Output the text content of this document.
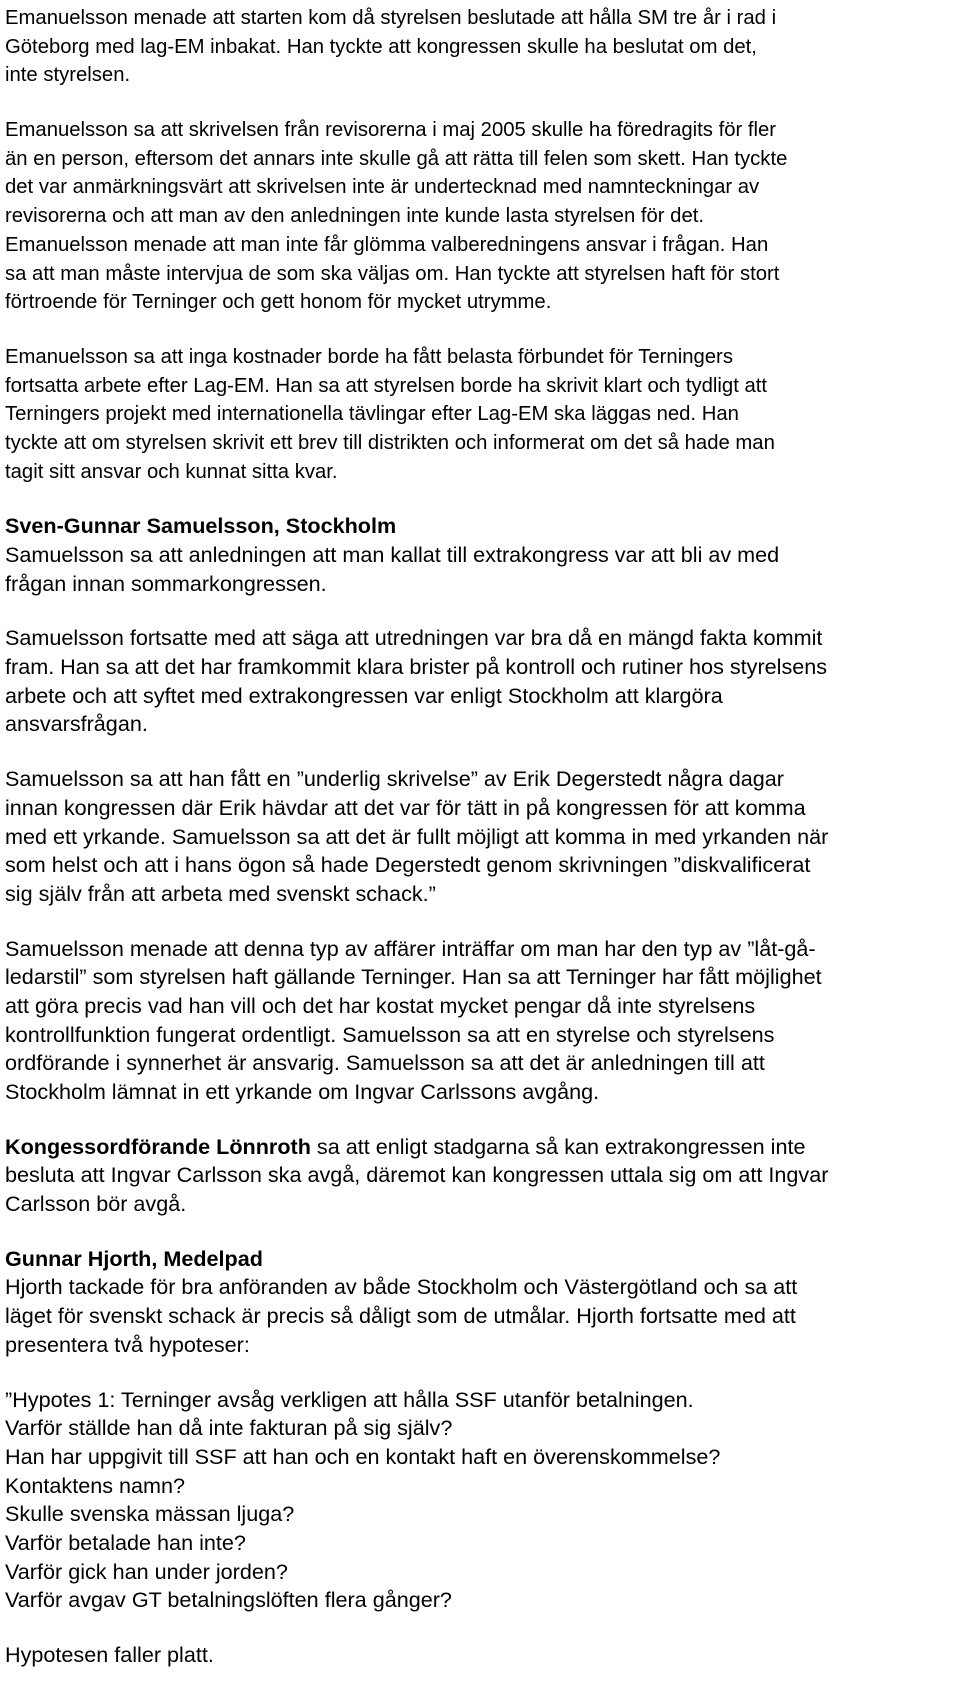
Emanuelsson menade att starten kom då styrelsen beslutade att hålla SM tre år i rad i
Göteborg med lag-EM inbakat. Han tyckte att kongressen skulle ha beslutat om det,
inte styrelsen.
Emanuelsson sa att skrivelsen från revisorerna i maj 2005 skulle ha föredragits för fler
än en person, eftersom det annars inte skulle gå att rätta till felen som skett. Han tyckte
det var anmärkningsvärt att skrivelsen inte är undertecknad med namnteckningar av
revisorerna och att man av den anledningen inte kunde lasta styrelsen för det.
Emanuelsson menade att man inte får glömma valberedningens ansvar i frågan. Han
sa att man måste intervjua de som ska väljas om. Han tyckte att styrelsen haft för stort
förtroende för Terninger och gett honom för mycket utrymme.
Emanuelsson sa att inga kostnader borde ha fått belasta förbundet för Terningers
fortsatta arbete efter Lag-EM. Han sa att styrelsen borde ha skrivit klart och tydligt att
Terningers projekt med internationella tävlingar efter Lag-EM ska läggas ned. Han
tyckte att om styrelsen skrivit ett brev till distrikten och informerat om det så hade man
tagit sitt ansvar och kunnat sitta kvar.
Sven-Gunnar Samuelsson, Stockholm
Samuelsson sa att anledningen att man kallat till extrakongress var att bli av med
frågan innan sommarkongressen.
Samuelsson fortsatte med att säga att utredningen var bra då en mängd fakta kommit
fram. Han sa att det har framkommit klara brister på kontroll och rutiner hos styrelsens
arbete och att syftet med extrakongressen var enligt Stockholm att klargöra
ansvarsfrågan.
Samuelsson sa att han fått en ”underlig skrivelse” av Erik Degerstedt några dagar
innan kongressen där Erik hävdar att det var för tätt in på kongressen för att komma
med ett yrkande. Samuelsson sa att det är fullt möjligt att komma in med yrkanden när
som helst och att i hans ögon så hade Degerstedt genom skrivningen ”diskvalificerat
sig själv från att arbeta med svenskt schack.”
Samuelsson menade att denna typ av affärer inträffar om man har den typ av ”låt-gå-
ledarstil” som styrelsen haft gällande Terninger. Han sa att Terninger har fått möjlighet
att göra precis vad han vill och det har kostat mycket pengar då inte styrelsens
kontrollfunktion fungerat ordentligt. Samuelsson sa att en styrelse och styrelsens
ordförande i synnerhet är ansvarig. Samuelsson sa att det är anledningen till att
Stockholm lämnat in ett yrkande om Ingvar Carlssons avgång.
Kongessordförande Lönnroth sa att enligt stadgarna så kan extrakongressen inte
besluta att Ingvar Carlsson ska avgå, däremot kan kongressen uttala sig om att Ingvar
Carlsson bör avgå.
Gunnar Hjorth, Medelpad
Hjorth tackade för bra anföranden av både Stockholm och Västergötland och sa att
läget för svenskt schack är precis så dåligt som de utmålar. Hjorth fortsatte med att
presentera två hypoteser:
”Hypotes 1: Terninger avsåg verkligen att hålla SSF utanför betalningen.
Varför ställde han då inte fakturan på sig själv?
Han har uppgivit till SSF att han och en kontakt haft en överenskommelse?
Kontaktens namn?
Skulle svenska mässan ljuga?
Varför betalade han inte?
Varför gick han under jorden?
Varför avgav GT betalningslöften flera gånger?
Hypotesen faller platt.
